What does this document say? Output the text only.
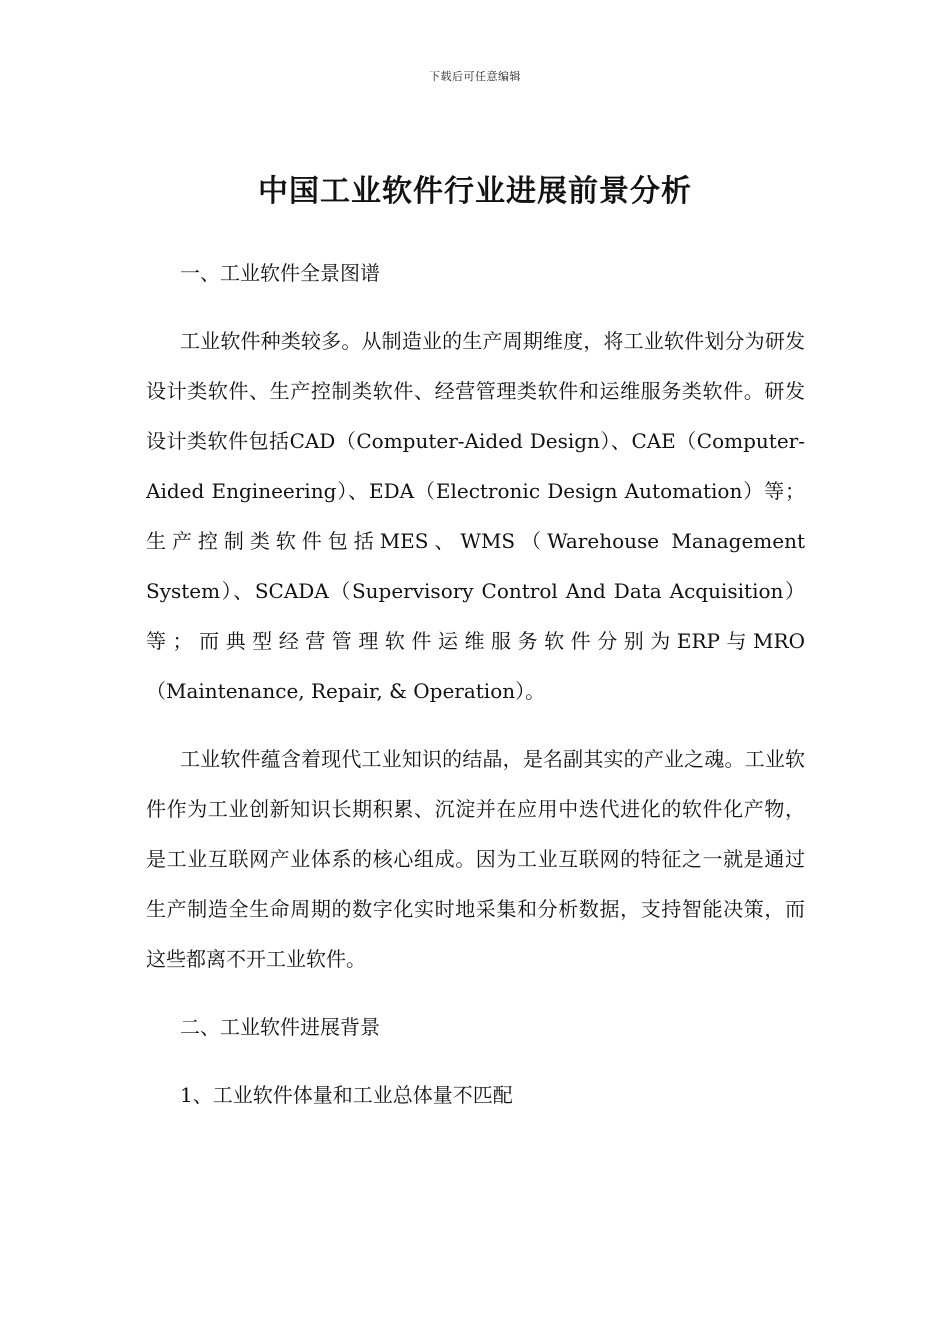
下载后可任意编辑
中国工业软件行业进展前景分析

一、工业软件全景图谱

工业软件种类较多。从制造业的生产周期维度，将工业软件划分为研发设计类软件、生产控制类软件、经营管理类软件和运维服务类软件。研发设计类软件包括CAD（Computer-Aided Design）、CAE（Computer-Aided Engineering）、EDA（Electronic Design Automation）等；生产控制类软件包括MES、WMS（Warehouse Management System）、SCADA（Supervisory Control And Data Acquisition）等；而典型经营管理软件运维服务软件分别为ERP与MRO（Maintenance, Repair, & Operation）。

工业软件蕴含着现代工业知识的结晶，是名副其实的产业之魂。工业软件作为工业创新知识长期积累、沉淀并在应用中迭代进化的软件化产物，是工业互联网产业体系的核心组成。因为工业互联网的特征之一就是通过生产制造全生命周期的数字化实时地采集和分析数据，支持智能决策，而这些都离不开工业软件。

二、工业软件进展背景

1、工业软件体量和工业总体量不匹配
